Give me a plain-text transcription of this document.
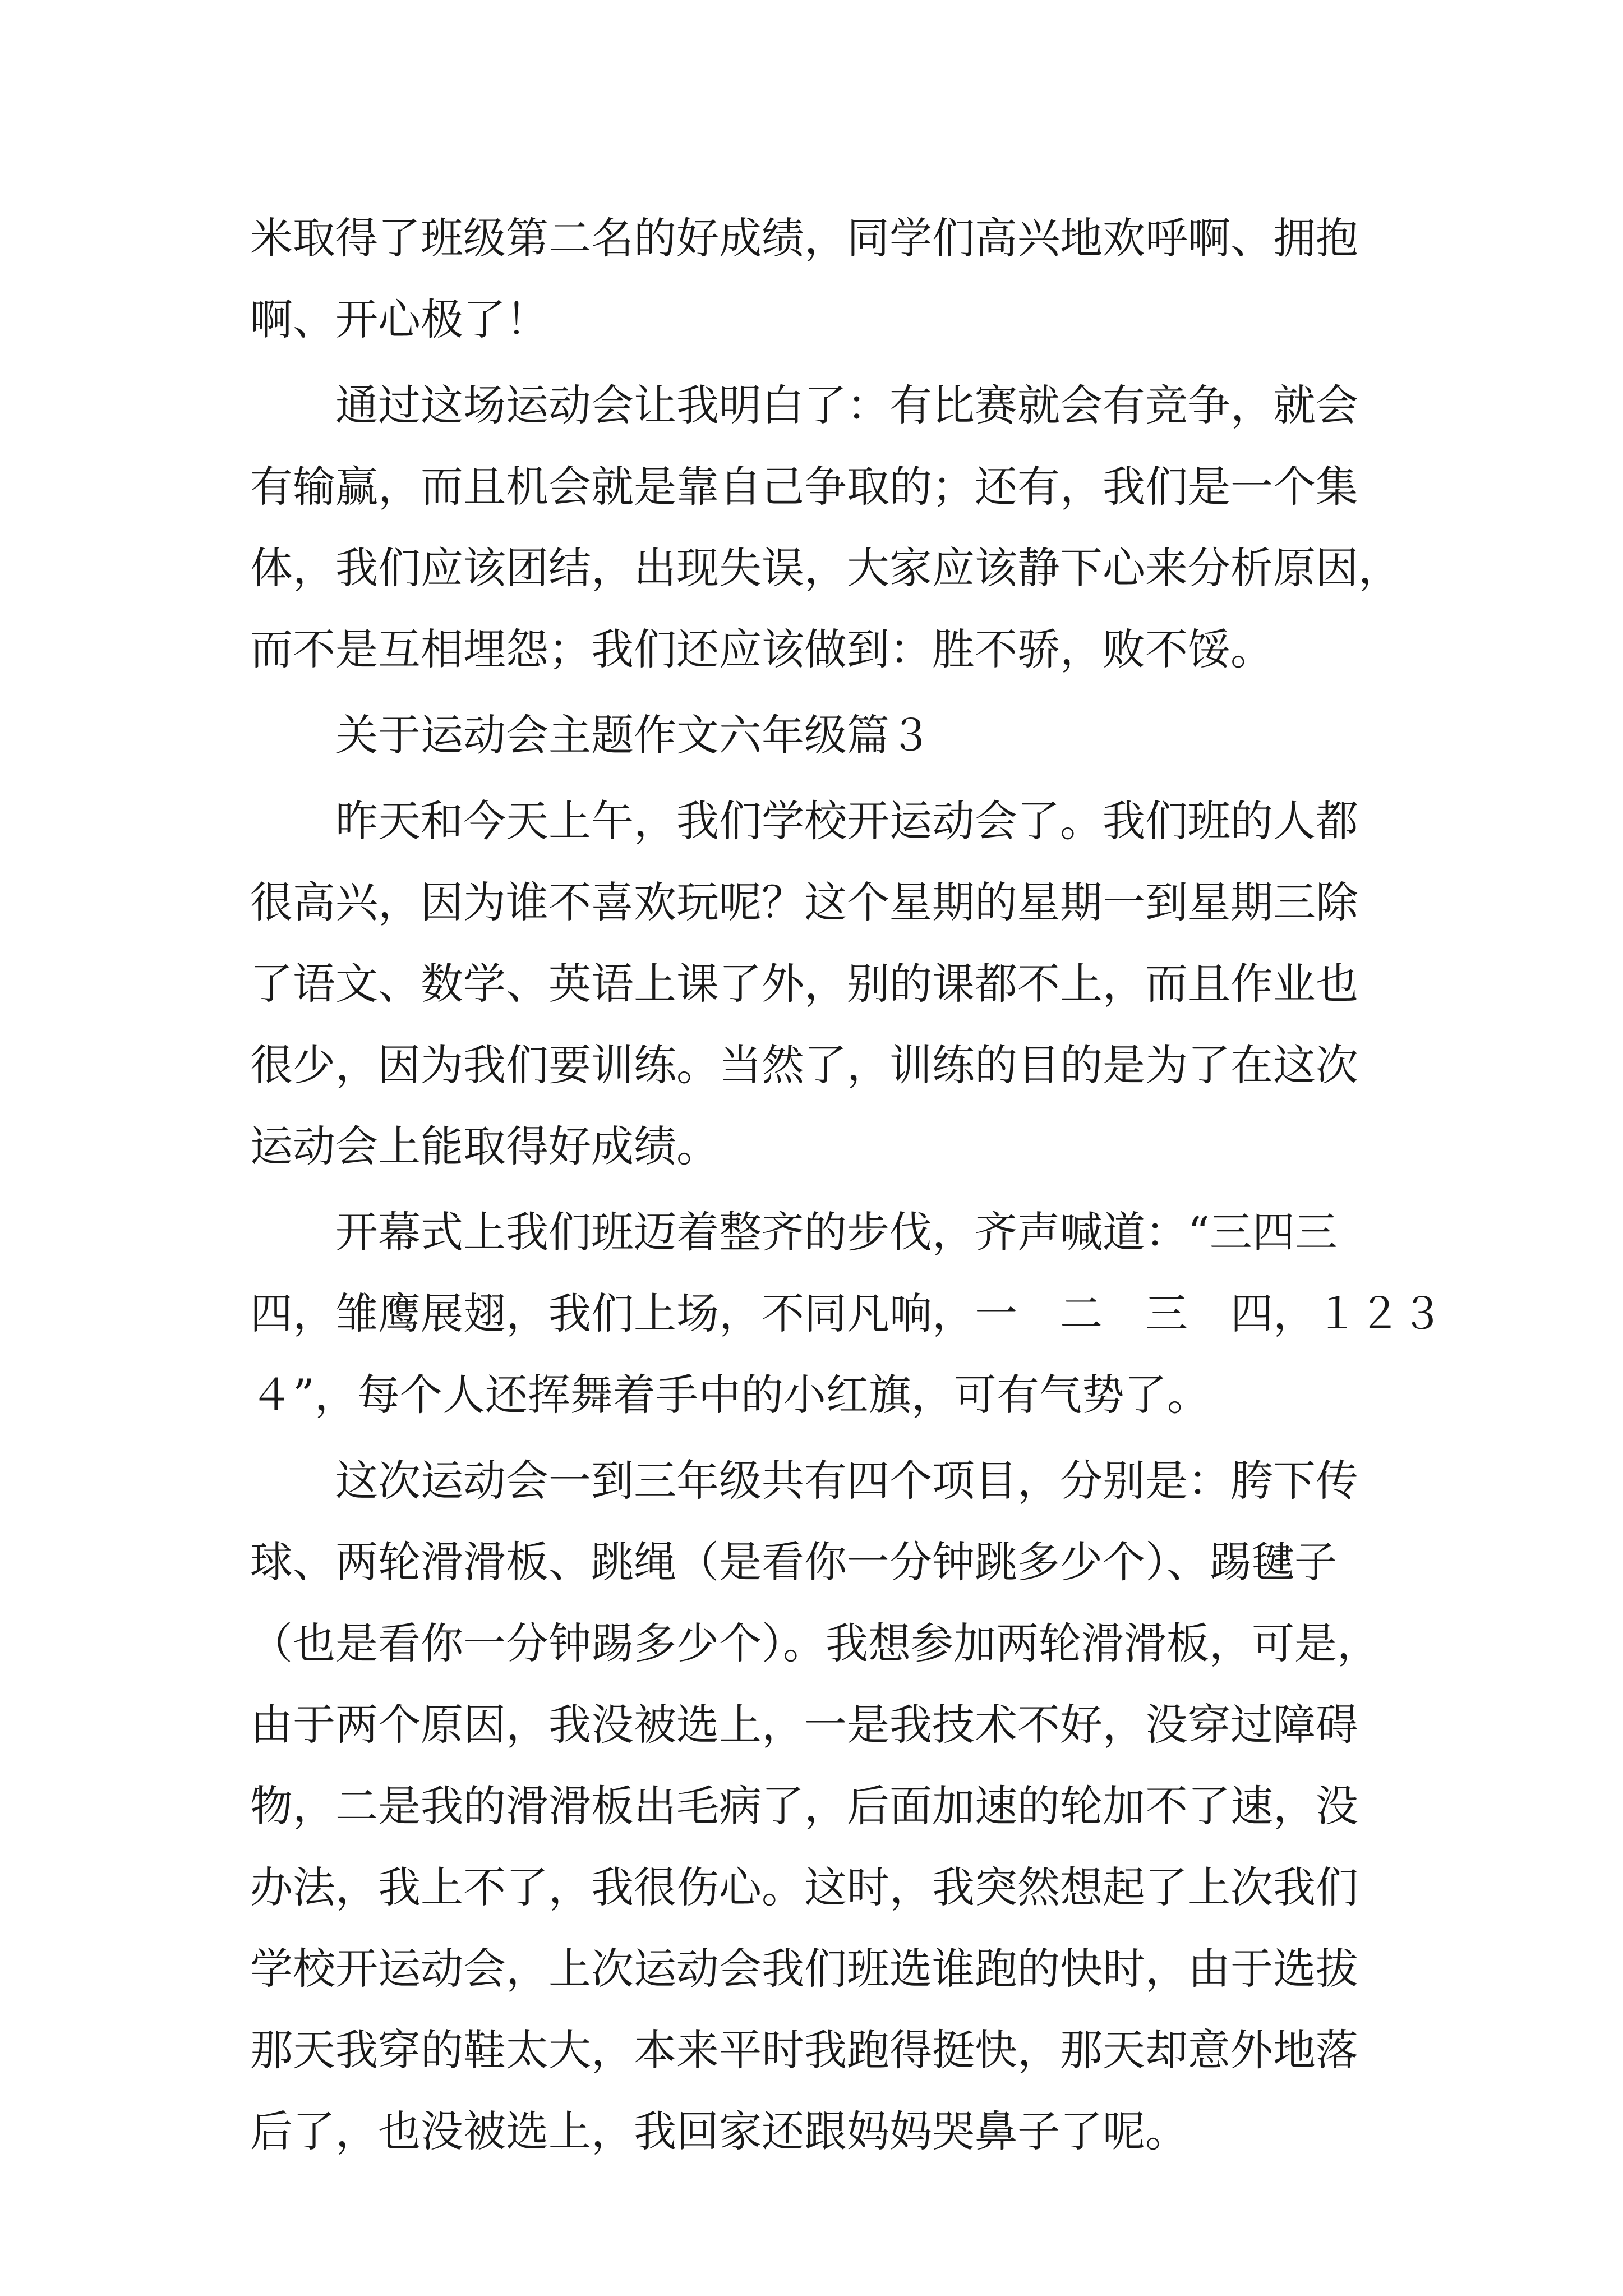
米取得了班级第二名的好成绩，同学们高兴地欢呼啊、拥抱
啊、开心极了！
　　通过这场运动会让我明白了：有比赛就会有竞争，就会
有输赢，而且机会就是靠自己争取的；还有，我们是一个集
体，我们应该团结，出现失误，大家应该静下心来分析原因，
而不是互相埋怨；我们还应该做到：胜不骄，败不馁。
　　关于运动会主题作文六年级篇３
　　昨天和今天上午，我们学校开运动会了。我们班的人都
很高兴，因为谁不喜欢玩呢？这个星期的星期一到星期三除
了语文、数学、英语上课了外，别的课都不上，而且作业也
很少，因为我们要训练。当然了，训练的目的是为了在这次
运动会上能取得好成绩。
　　开幕式上我们班迈着整齐的步伐，齐声喊道：“三四三
四，雏鹰展翅，我们上场，不同凡响，一　二　三　四，１２３
４”，每个人还挥舞着手中的小红旗，可有气势了。
　　这次运动会一到三年级共有四个项目，分别是：胯下传
球、两轮滑滑板、跳绳（是看你一分钟跳多少个）、踢毽子
（也是看你一分钟踢多少个）。我想参加两轮滑滑板，可是，
由于两个原因，我没被选上，一是我技术不好，没穿过障碍
物，二是我的滑滑板出毛病了，后面加速的轮加不了速，没
办法，我上不了，我很伤心。这时，我突然想起了上次我们
学校开运动会，上次运动会我们班选谁跑的快时，由于选拔
那天我穿的鞋太大，本来平时我跑得挺快，那天却意外地落
后了，也没被选上，我回家还跟妈妈哭鼻子了呢。
